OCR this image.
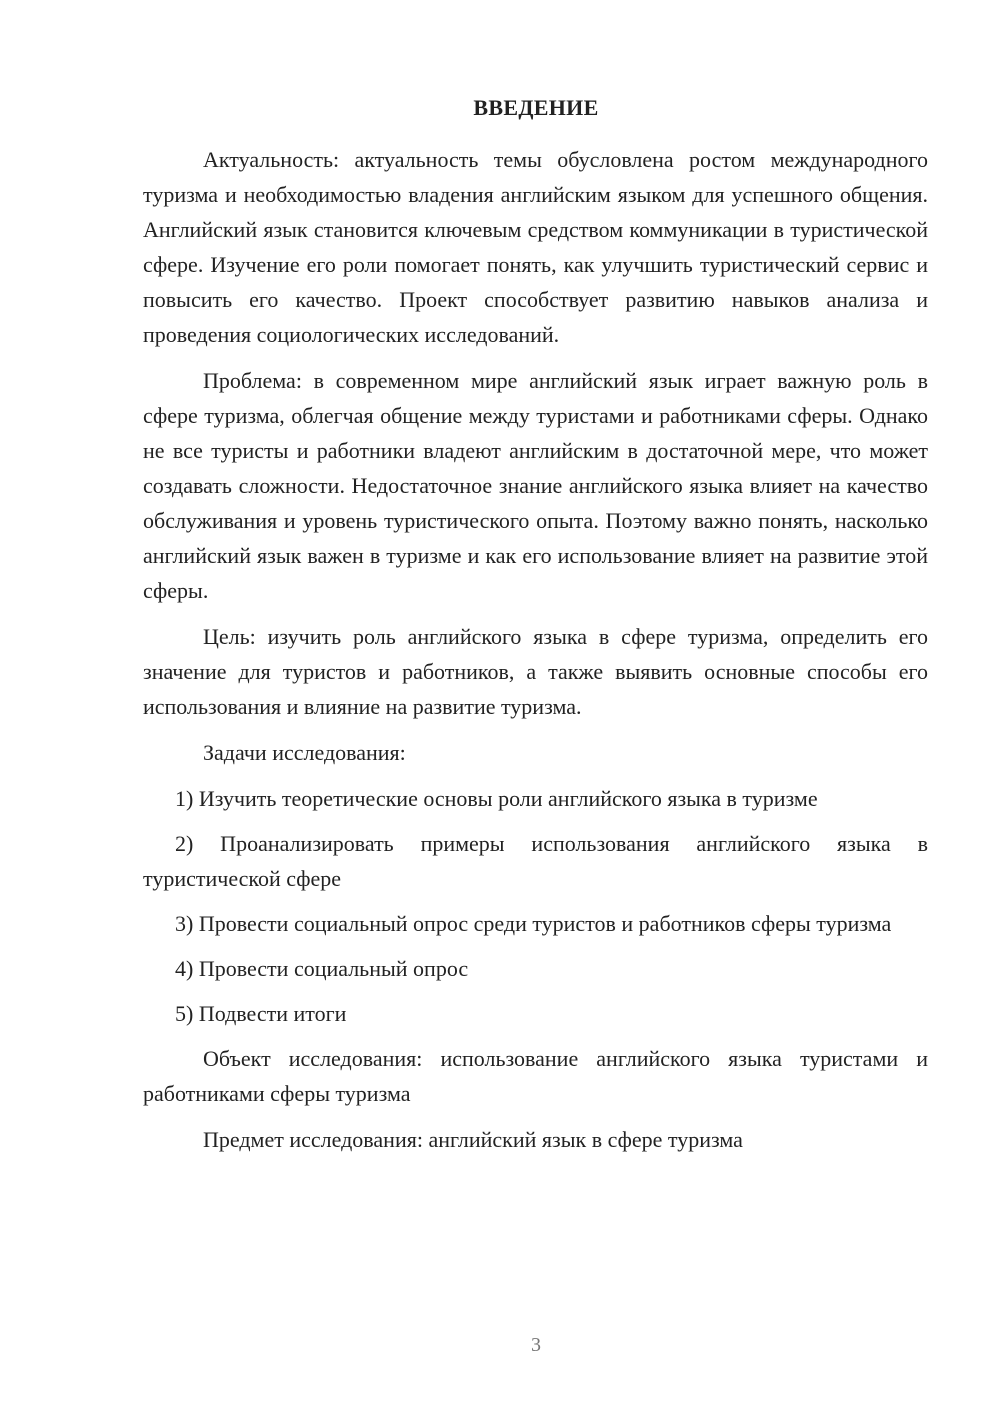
ВВЕДЕНИЕ

Актуальность: актуальность темы обусловлена ростом международного туризма и необходимостью владения английским языком для успешного общения. Английский язык становится ключевым средством коммуникации в туристической сфере. Изучение его роли помогает понять, как улучшить туристический сервис и повысить его качество. Проект способствует развитию навыков анализа и проведения социологических исследований.

Проблема: в современном мире английский язык играет важную роль в сфере туризма, облегчая общение между туристами и работниками сферы. Однако не все туристы и работники владеют английским в достаточной мере, что может создавать сложности. Недостаточное знание английского языка влияет на качество обслуживания и уровень туристического опыта. Поэтому важно понять, насколько английский язык важен в туризме и как его использование влияет на развитие этой сферы.

Цель: изучить роль английского языка в сфере туризма, определить его значение для туристов и работников, а также выявить основные способы его использования и влияние на развитие туризма.

Задачи исследования:

1) Изучить теоретические основы роли английского языка в туризме

2) Проанализировать примеры использования английского языка в туристической сфере

3) Провести социальный опрос среди туристов и работников сферы туризма

4) Провести социальный опрос

5) Подвести итоги

Объект исследования: использование английского языка туристами и работниками сферы туризма

Предмет исследования: английский язык в сфере туризма

3
